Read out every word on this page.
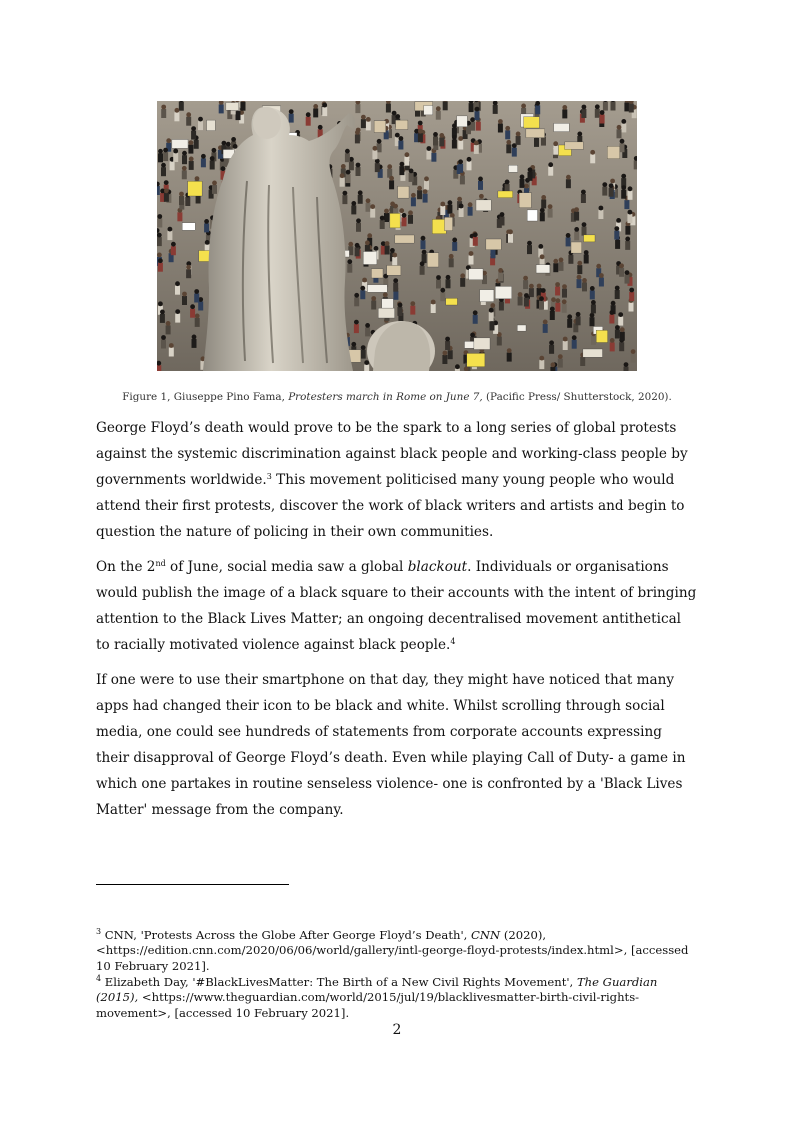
Figure 1, Giuseppe Pino Fama, Protesters march in Rome on June 7, (Pacific Press/ Shutterstock, 2020).

George Floyd’s death would prove to be the spark to a long series of global protests against the systemic discrimination against black people and working-class people by governments worldwide.$^3$ This movement politicised many young people who would attend their first protests, discover the work of black writers and artists and begin to question the nature of policing in their own communities.

On the 2nd of June, social media saw a global blackout. Individuals or organisations would publish the image of a black square to their accounts with the intent of bringing attention to the Black Lives Matter; an ongoing decentralised movement antithetical to racially motivated violence against black people.$^4$

If one were to use their smartphone on that day, they might have noticed that many apps had changed their icon to be black and white. Whilst scrolling through social media, one could see hundreds of statements from corporate accounts expressing their disapproval of George Floyd’s death. Even while playing Call of Duty- a game in which one partakes in routine senseless violence- one is confronted by a 'Black Lives Matter' message from the company.

$^3$ CNN, 'Protests Across the Globe After George Floyd’s Death', CNN (2020), <https://edition.cnn.com/2020/06/06/world/gallery/intl-george-floyd-protests/index.html>, [accessed 10 February 2021].

$^4$ Elizabeth Day, '#BlackLivesMatter: The Birth of a New Civil Rights Movement', The Guardian (2015), <https://www.theguardian.com/world/2015/jul/19/blacklivesmatter-birth-civil-rights-movement>, [accessed 10 February 2021].

2
